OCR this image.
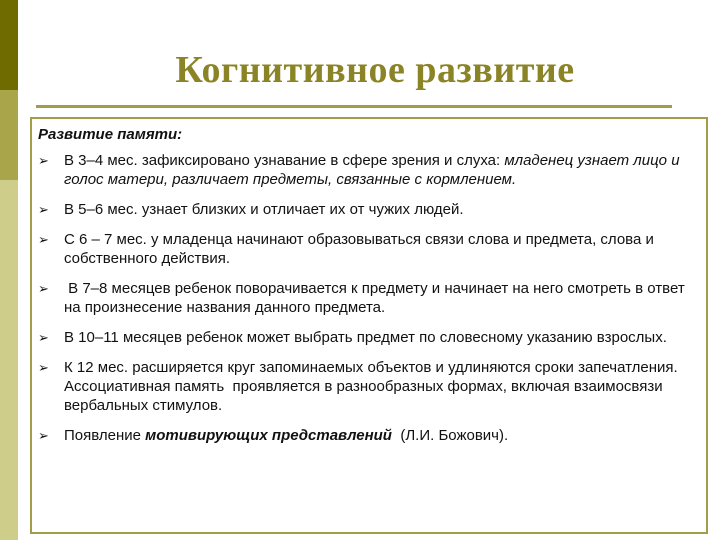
Когнитивное развитие
Развитие памяти:
➢ В 3–4 мес. зафиксировано узнавание в сфере зрения и слуха: младенец узнает лицо и голос матери, различает предметы, связанные с кормлением.
➢ В 5–6 мес. узнает близких и отличает их от чужих людей.
➢ С 6 – 7 мес. у младенца начинают образовываться связи слова и предмета, слова и собственного действия.
➢ В 7–8 месяцев ребенок поворачивается к предмету и начинает на него смотреть в ответ на произнесение названия данного предмета.
➢ В 10–11 месяцев ребенок может выбрать предмет по словесному указанию взрослых.
➢ К 12 мес. расширяется круг запоминаемых объектов и удлиняются сроки запечатления. Ассоциативная память  проявляется в разнообразных формах, включая взаимосвязи вербальных стимулов.
➢ Появление мотивирующих представлений  (Л.И. Божович).
